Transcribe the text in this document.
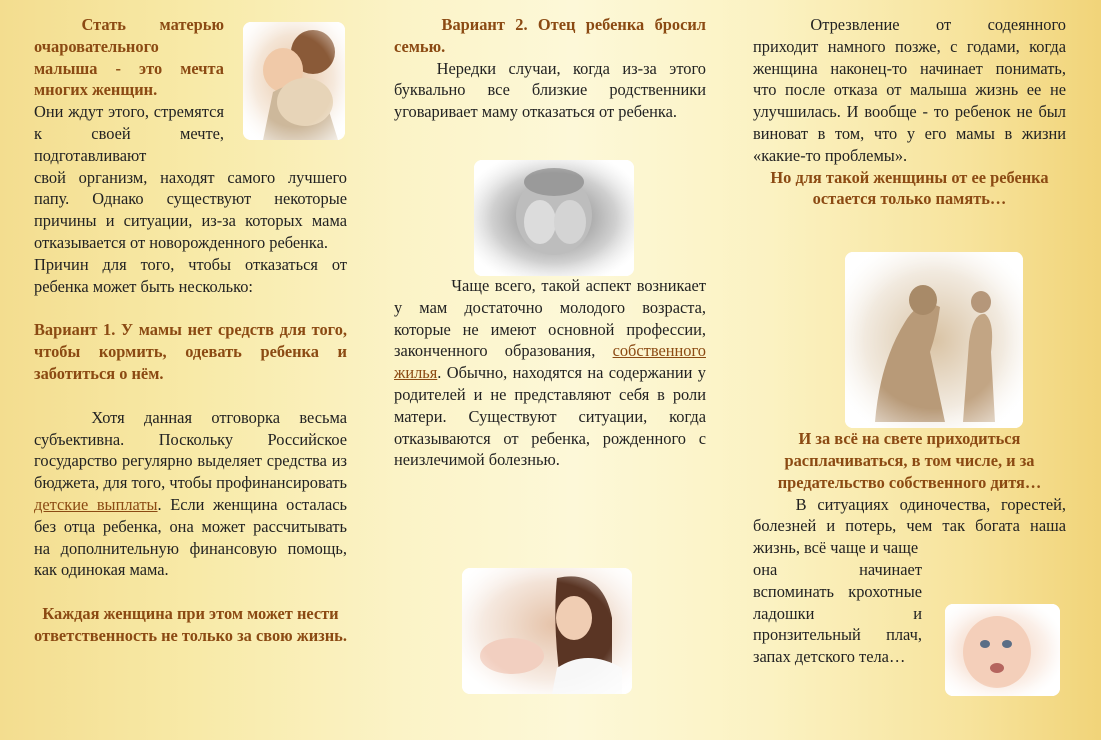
Стать матерью очаровательного малыша - это мечта многих женщин.

Они ждут этого, стремятся к своей мечте, подготавливают

свой организм, находят самого лучшего папу. Однако существуют некоторые причины и ситуации, из-за которых мама отказывается от новорожденного ребенка.

Причин для того, чтобы отказаться от ребенка может быть несколько:

Вариант 1. У мамы нет средств для того, чтобы кормить, одевать ребенка и заботиться о нём.

Хотя данная отговорка весьма субъективна. Поскольку Российское государство регулярно выделяет средства из бюджета, для того, чтобы профинансировать детские выплаты. Если женщина осталась без отца ребенка, она может рассчитывать на дополнительную финансовую помощь, как одинокая мама.

Каждая женщина при этом может нести ответственность не только за свою жизнь.

Вариант 2. Отец ребенка бросил семью.

Нередки случаи, когда из-за этого буквально все близкие родственники уговаривает маму отказаться от ребенка.

Чаще всего, такой аспект возникает у мам достаточно молодого возраста, которые не имеют основной профессии, законченного образования, собственного жилья. Обычно, находятся на содержании у родителей и не представляют себя в роли матери. Существуют ситуации, когда отказываются от ребенка, рожденного с неизлечимой болезнью.

Отрезвление от содеянного приходит намного позже, с годами, когда женщина наконец-то начинает понимать, что после отказа от малыша жизнь ее не улучшилась. И вообще - то ребенок не был виноват в том, что у его мамы в жизни «какие-то проблемы».

Но для такой женщины от ее ребенка остается только память…

И за всё на свете приходиться расплачиваться, в том числе, и за предательство собственного дитя…

В ситуациях одиночества, горестей, болезней и потерь, чем так богата наша жизнь, всё чаще и чаще

она начинает вспоминать крохотные ладошки и пронзительный плач, запах детского тела…
